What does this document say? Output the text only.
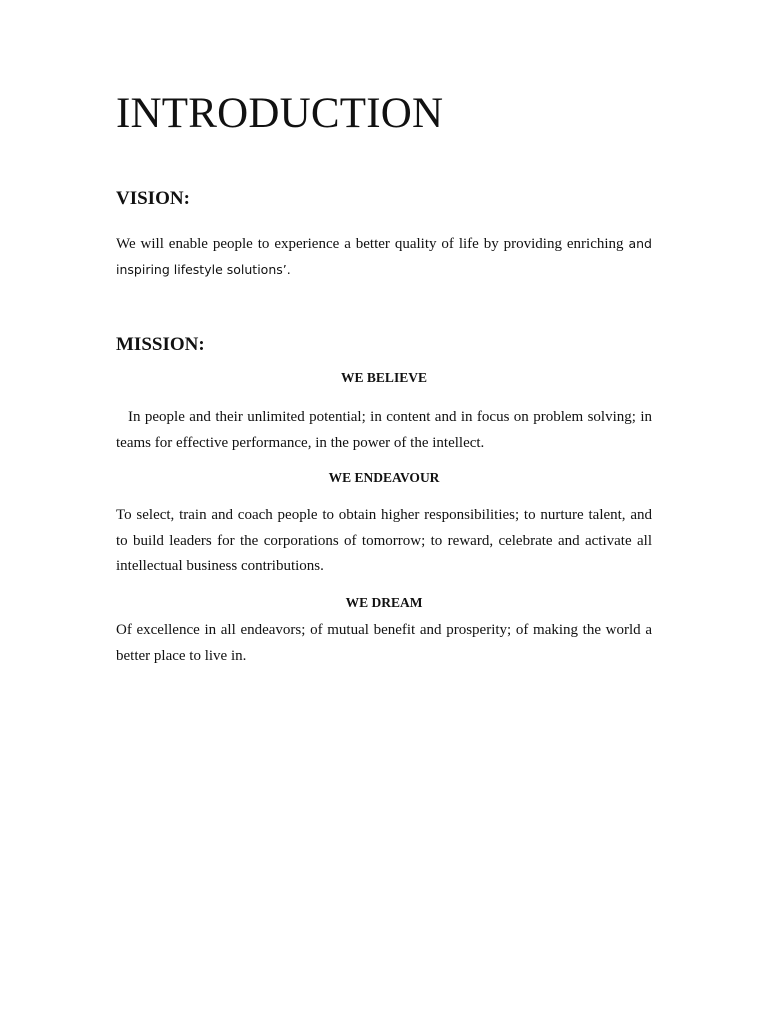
INTRODUCTION
VISION:

We will enable people to experience a better quality of life by providing enriching and inspiring lifestyle solutions’.

MISSION:
WE BELIEVE

In people and their unlimited potential; in content and in focus on problem solving; in teams for effective performance, in the power of the intellect.

WE ENDEAVOUR

To select, train and coach people to obtain higher responsibilities; to nurture talent, and to build leaders for the corporations of tomorrow; to reward, celebrate and activate all intellectual business contributions.

WE DREAM

Of excellence in all endeavors; of mutual benefit and prosperity; of making the world a better place to live in.
